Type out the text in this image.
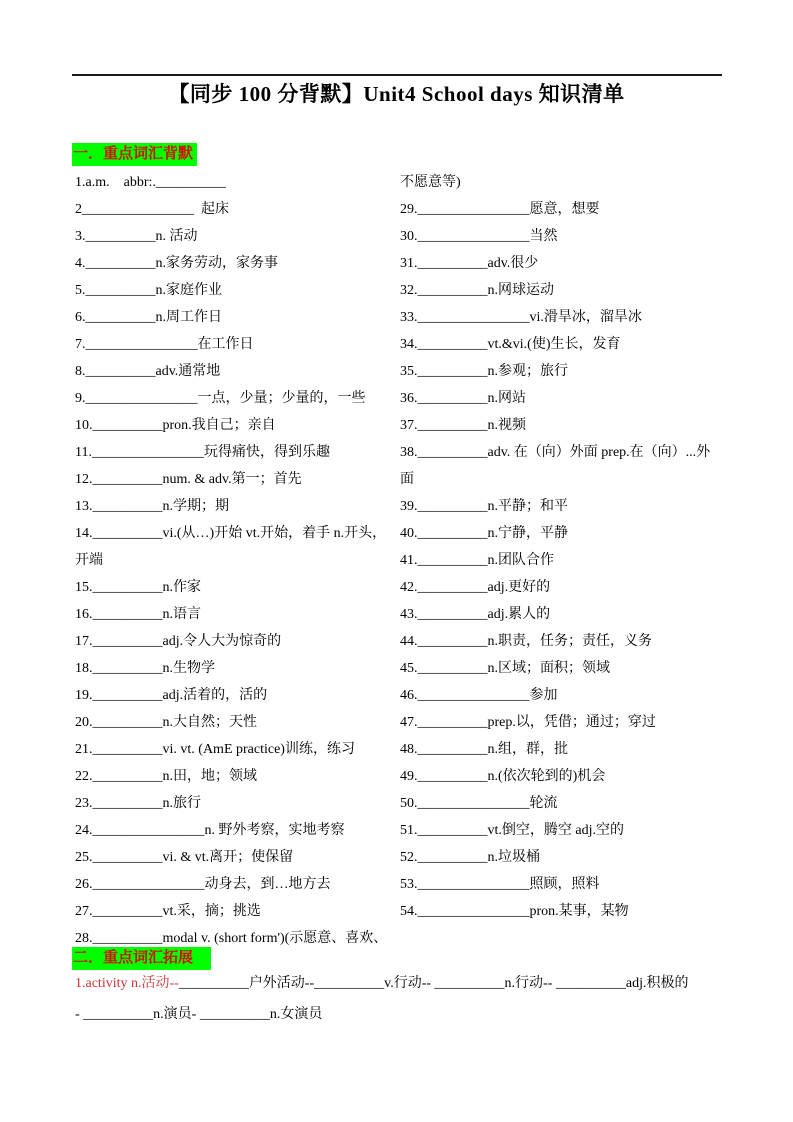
【同步 100 分背默】Unit4 School days 知识清单
一．重点词汇背默
1.a.m.    abbr:.__________
2________________  起床
3.__________n. 活动
4.__________n.家务劳动，家务事
5.__________n.家庭作业
6.__________n.周工作日
7.________________在工作日
8.__________adv.通常地
9.________________一点，少量；少量的，一些
10.__________pron.我自己；亲自
11.________________玩得痛快，得到乐趣
12.__________num. & adv.第一；首先
13.__________n.学期；期
14.__________vi.(从…)开始 vt.开始，着手 n.开头，
开端
15.__________n.作家
16.__________n.语言
17.__________adj.令人大为惊奇的
18.__________n.生物学
19.__________adj.活着的，活的
20.__________n.大自然；天性
21.__________vi. vt. (AmE practice)训练，练习
22.__________n.田，地；领域
23.__________n.旅行
24.________________n. 野外考察，实地考察
25.__________vi. & vt.离开；使保留
26.________________动身去，到…地方去
27.__________vt.采，摘；挑选
28.__________modal v. (short form')(示愿意、喜欢、
不愿意等)
29.________________愿意，想要
30.________________当然
31.__________adv.很少
32.__________n.网球运动
33.________________vi.滑旱冰，溜旱冰
34.__________vt.&vi.(使)生长，发育
35.__________n.参观；旅行
36.__________n.网站
37.__________n.视频
38.__________adv. 在（向）外面 prep.在（向）...外
面
39.__________n.平静；和平
40.__________n.宁静，平静
41.__________n.团队合作
42.__________adj.更好的
43.__________adj.累人的
44.__________n.职责，任务；责任，义务
45.__________n.区域；面积；领域
46.________________参加
47.__________prep.以，凭借；通过；穿过
48.__________n.组，群，批
49.__________n.(依次轮到的)机会
50.________________轮流
51.__________vt.倒空，腾空 adj.空的
52.__________n.垃圾桶
53.________________照顾，照料
54.________________pron.某事，某物
二．重点词汇拓展

1.activity n.活动--__________户外活动--__________v.行动-- __________n.行动-- __________adj.积极的

- __________n.演员- __________n.女演员
